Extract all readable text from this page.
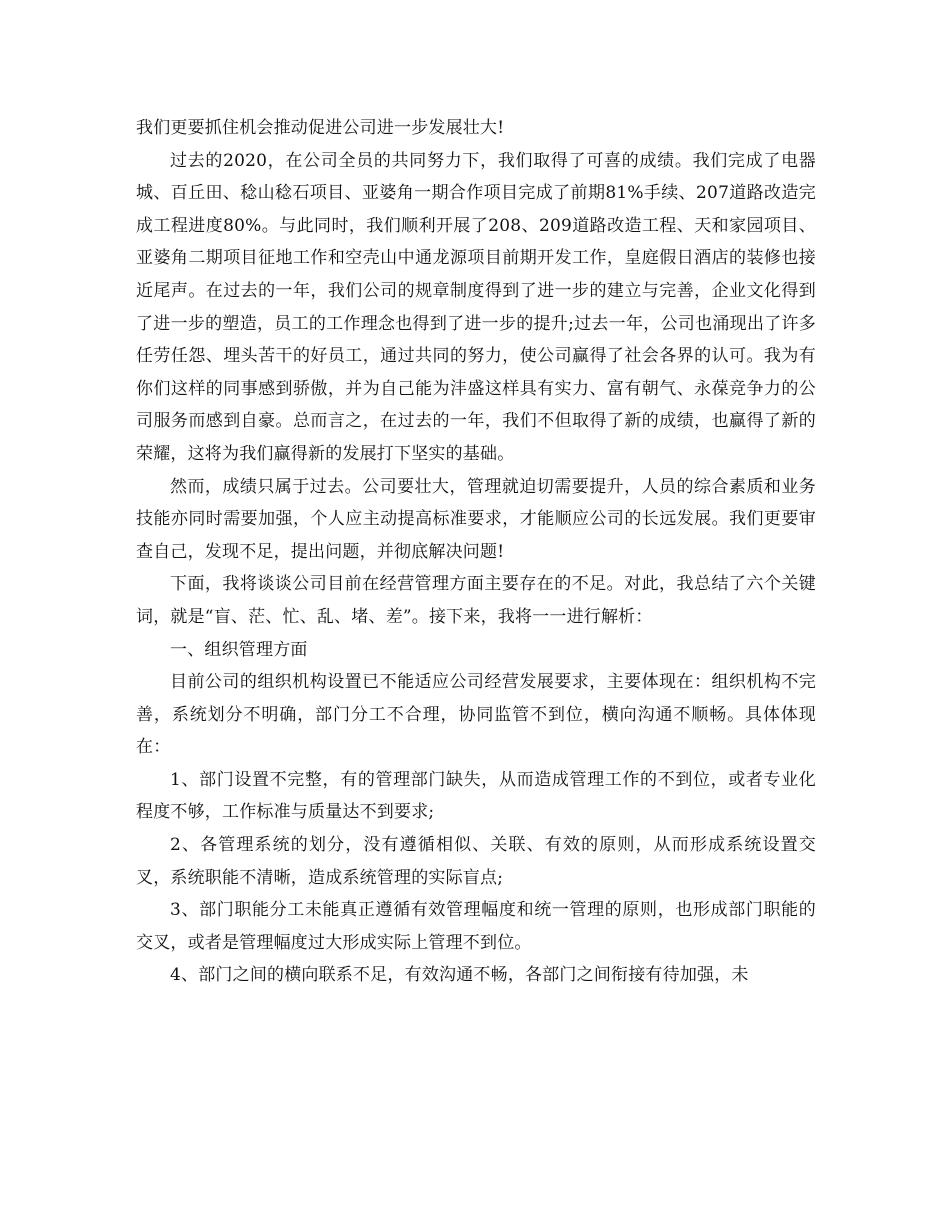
我们更要抓住机会推动促进公司进一步发展壮大!

过去的2020，在公司全员的共同努力下，我们取得了可喜的成绩。我们完成了电器城、百丘田、稔山稔石项目、亚婆角一期合作项目完成了前期81%手续、207道路改造完成工程进度80%。与此同时，我们顺利开展了208、209道路改造工程、天和家园项目、亚婆角二期项目征地工作和空壳山中通龙源项目前期开发工作，皇庭假日酒店的装修也接近尾声。在过去的一年，我们公司的规章制度得到了进一步的建立与完善，企业文化得到了进一步的塑造，员工的工作理念也得到了进一步的提升;过去一年，公司也涌现出了许多任劳任怨、埋头苦干的好员工，通过共同的努力，使公司赢得了社会各界的认可。我为有你们这样的同事感到骄傲，并为自己能为沣盛这样具有实力、富有朝气、永葆竞争力的公司服务而感到自豪。总而言之，在过去的一年，我们不但取得了新的成绩，也赢得了新的荣耀，这将为我们赢得新的发展打下坚实的基础。

然而，成绩只属于过去。公司要壮大，管理就迫切需要提升，人员的综合素质和业务技能亦同时需要加强，个人应主动提高标准要求，才能顺应公司的长远发展。我们更要审查自己，发现不足，提出问题，并彻底解决问题!

下面，我将谈谈公司目前在经营管理方面主要存在的不足。对此，我总结了六个关键词，就是“盲、茫、忙、乱、堵、差”。接下来，我将一一进行解析：

一、组织管理方面

目前公司的组织机构设置已不能适应公司经营发展要求，主要体现在：组织机构不完善，系统划分不明确，部门分工不合理，协同监管不到位，横向沟通不顺畅。具体体现在：

1、部门设置不完整，有的管理部门缺失，从而造成管理工作的不到位，或者专业化程度不够，工作标准与质量达不到要求;

2、各管理系统的划分，没有遵循相似、关联、有效的原则，从而形成系统设置交叉，系统职能不清晰，造成系统管理的实际盲点;

3、部门职能分工未能真正遵循有效管理幅度和统一管理的原则，也形成部门职能的交叉，或者是管理幅度过大形成实际上管理不到位。

4、部门之间的横向联系不足，有效沟通不畅，各部门之间衔接有待加强，未
